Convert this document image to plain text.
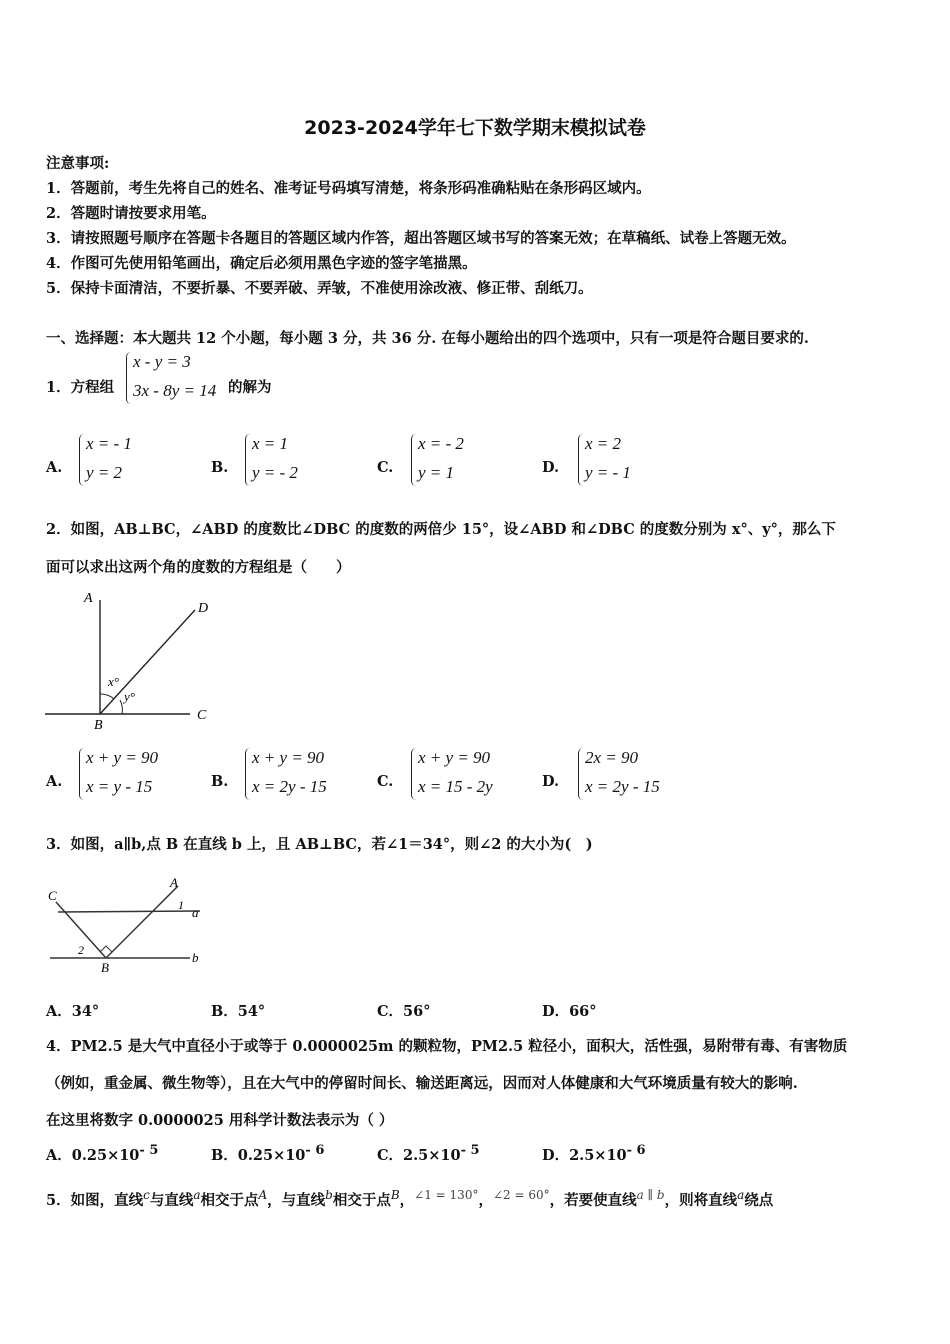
2023-2024学年七下数学期末模拟试卷
注意事项:
1．答题前，考生先将自己的姓名、准考证号码填写清楚，将条形码准确粘贴在条形码区域内。
2．答题时请按要求用笔。
3．请按照题号顺序在答题卡各题目的答题区域内作答，超出答题区域书写的答案无效；在草稿纸、试卷上答题无效。
4．作图可先使用铅笔画出，确定后必须用黑色字迹的签字笔描黑。
5．保持卡面清洁，不要折暴、不要弄破、弄皱，不准使用涂改液、修正带、刮纸刀。
一、选择题：本大题共 12 个小题，每小题 3 分，共 36 分. 在每小题给出的四个选项中，只有一项是符合题目要求的.
1．方程组
x - y = 3
3x - 8y = 14 的解为
A.
x = - 1
y = 2	B.
x = 1
y = - 2	C.
x = - 2
y = 1	D.
x = 2
y = - 1
2．如图，AB⊥BC，∠ABD 的度数比∠DBC 的度数的两倍少 15°，设∠ABD 和∠DBC 的度数分别为 x°、y°，那么下
面可以求出这两个角的度数的方程组是（　　）
A
D
C
B
x°
y°
A.
x + y = 90
x = y - 15	B.
x + y = 90
x = 2y - 15	C.
x + y = 90
x = 15 - 2y	D.
2x = 90
x = 2y - 15
3．如图，a∥b,点 B 在直线 b 上，且 AB⊥BC，若∠1＝34°，则∠2 的大小为(　)
C
A
1 a
2
B
b
A．34°	B．54°	C．56°	D．66°
4．PM2.5 是大气中直径小于或等于 0.0000025m 的颗粒物，PM2.5 粒径小，面积大，活性强，易附带有毒、有害物质
（例如，重金属、微生物等），且在大气中的停留时间长、输送距离远，因而对人体健康和大气环境质量有较大的影响.
在这里将数字 0.0000025 用科学计数法表示为（ ）
A．$0.25\times 10^{- 5}$	B．$0.25\times 10^{- 6}$	C．$2.5\times 10^{- 5}$	D．$2.5\times 10^{- 6}$
5．如图，直线$^c$与直线$^a$相交于点$^A$，与直线$^b$相交于点$^B$，$^{\angle 1 = 130^\circ}$，$^{\angle 2 = 60^\circ}$，若要使直线$^{a \parallel b}$，则将直线$^a$绕点
